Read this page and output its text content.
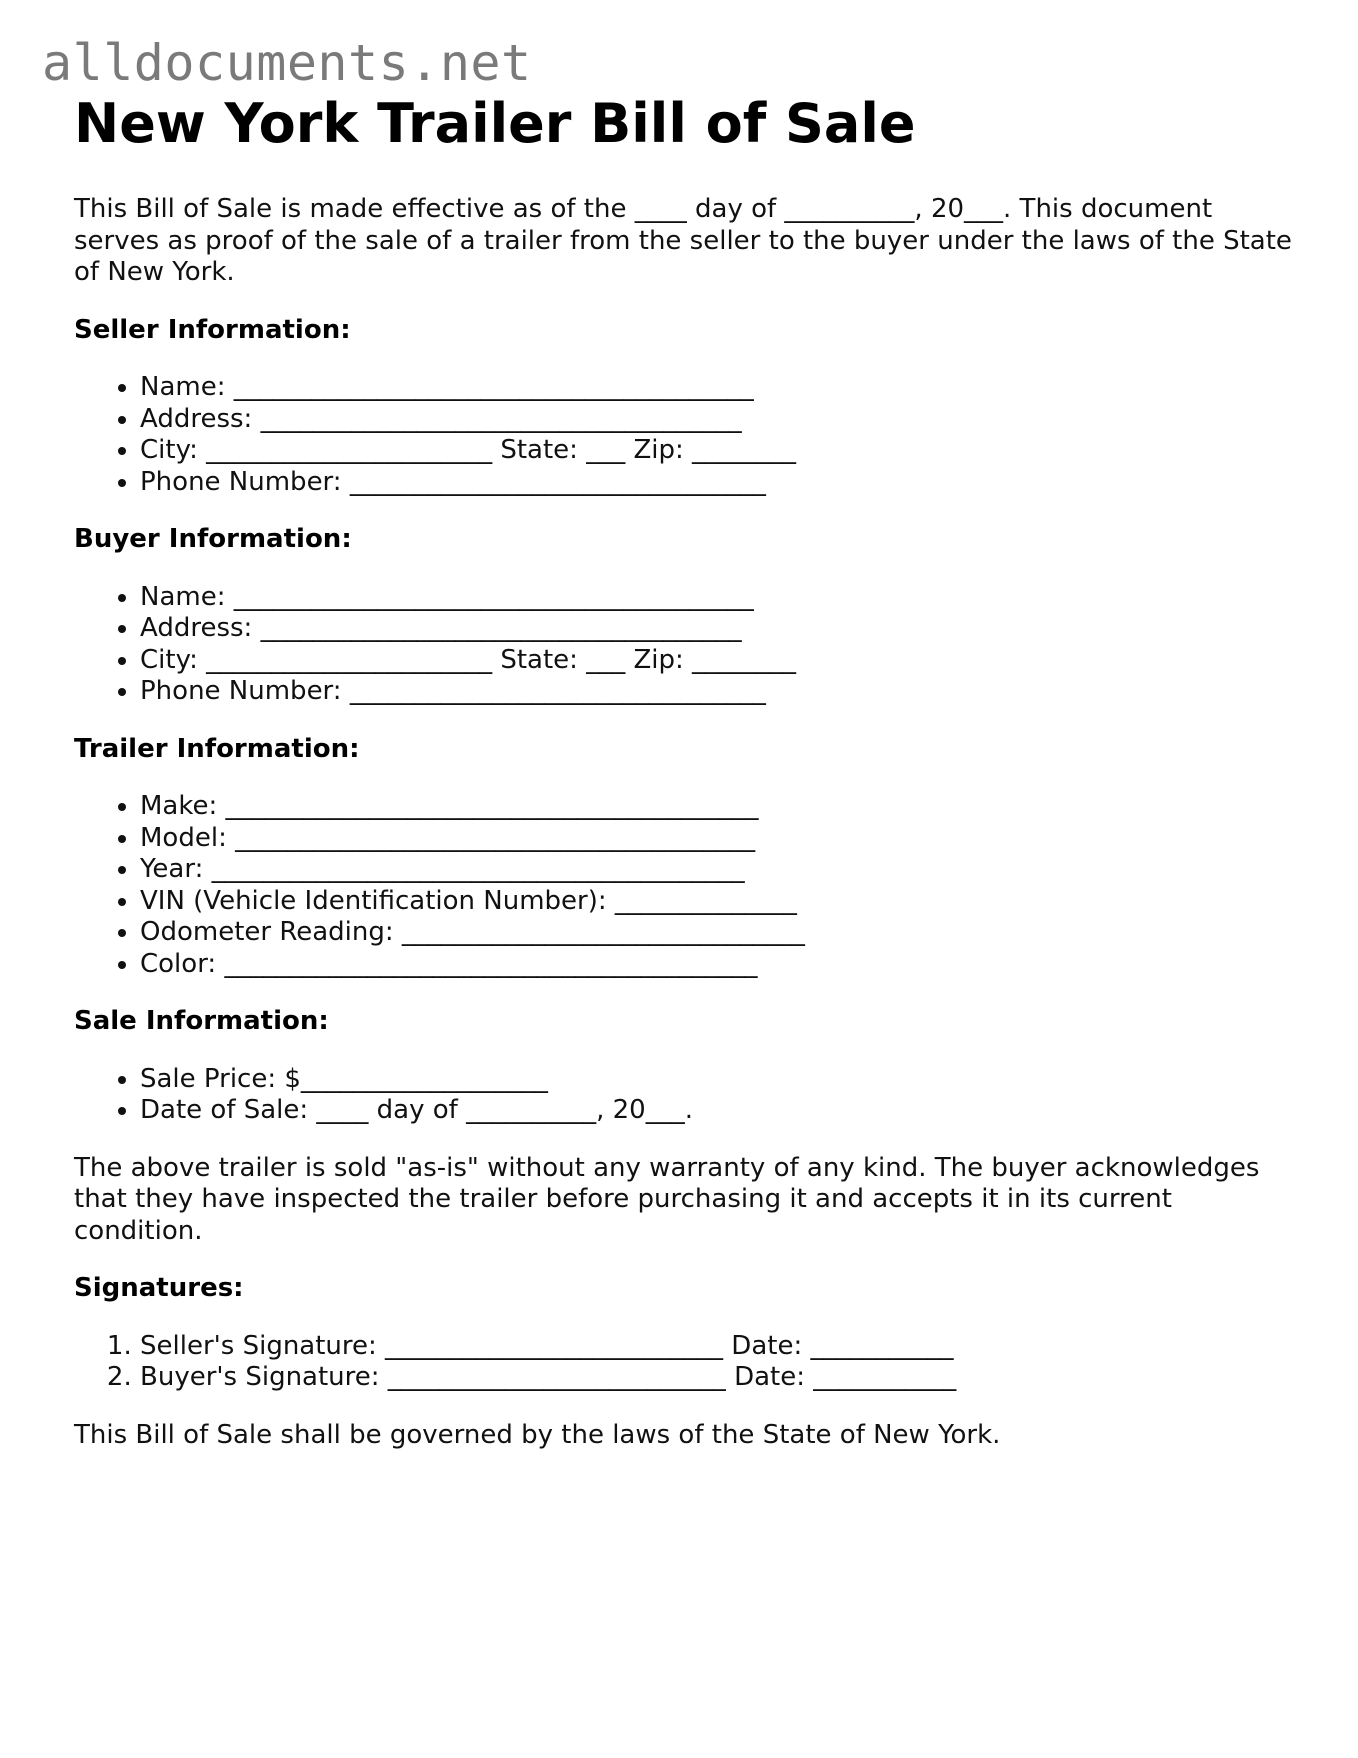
alldocuments.net
New York Trailer Bill of Sale

This Bill of Sale is made effective as of the ____ day of __________, 20___. This document serves as proof of the sale of a trailer from the seller to the buyer under the laws of the State of New York.

Seller Information:
• Name: ________________________________________
• Address: _____________________________________
• City: ______________________ State: ___ Zip: ________
• Phone Number: ________________________________
Buyer Information:
• Name: ________________________________________
• Address: _____________________________________
• City: ______________________ State: ___ Zip: ________
• Phone Number: ________________________________
Trailer Information:
• Make: _________________________________________
• Model: ________________________________________
• Year: _________________________________________
• VIN (Vehicle Identification Number): ______________
• Odometer Reading: _______________________________
• Color: _________________________________________
Sale Information:
• Sale Price: $___________________
• Date of Sale: ____ day of __________, 20___.

The above trailer is sold "as-is" without any warranty of any kind. The buyer acknowledges that they have inspected the trailer before purchasing it and accepts it in its current condition.

Signatures:
1. Seller's Signature: __________________________ Date: ___________
2. Buyer's Signature: __________________________ Date: ___________

This Bill of Sale shall be governed by the laws of the State of New York.
